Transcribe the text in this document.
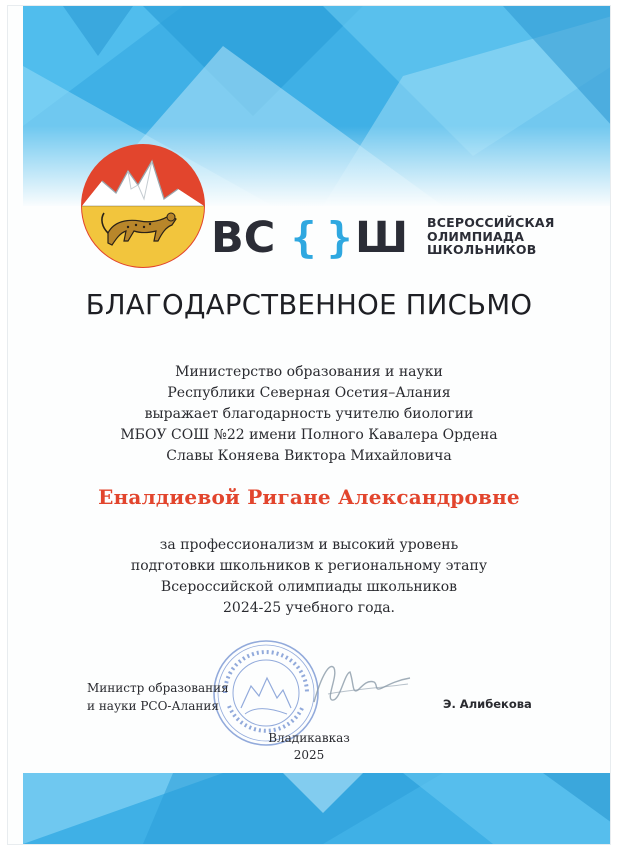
ВС { } Ш ВСЕРОССИЙСКАЯ
ОЛИМПИАДА
ШКОЛЬНИКОВ
БЛАГОДАРСТВЕННОЕ ПИСЬМО
Министерство образования и науки
Республики Северная Осетия–Алания
выражает благодарность учителю биологии
МБОУ СОШ №22 имени Полного Кавалера Ордена
Славы Коняева Виктора Михайловича
Еналдиевой Ригане Александровне
за профессионализм и высокий уровень
подготовки школьников к региональному этапу
Всероссийской олимпиады школьников
2024-25 учебного года.
Министр образования
и науки РСО-Алания	Э. Алибекова
Владикавказ
2025
